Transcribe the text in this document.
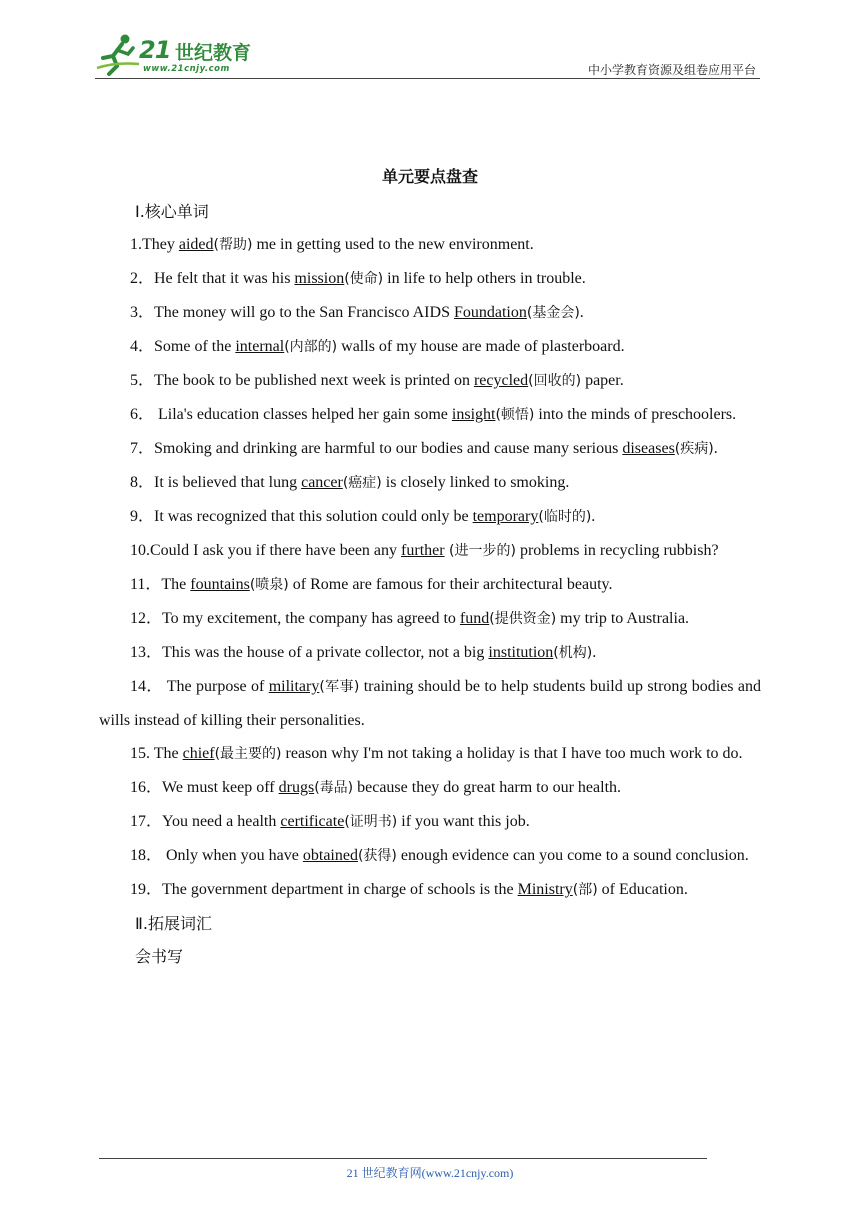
21 世纪教育
www.21cnjy.com	中小学教育资源及组卷应用平台

单元要点盘查

Ⅰ.核心单词

1.They aided(帮助) me in getting used to the new environment.

2．He felt that it was his mission(使命) in life to help others in trouble.

3．The money will go to the San Francisco AIDS Foundation(基金会).

4．Some of the internal(内部的) walls of my house are made of plasterboard.

5．The book to be published next week is printed on recycled(回收的) paper.

6． Lila's education classes helped her gain some insight(顿悟) into the minds of preschoolers.

7．Smoking and drinking are harmful to our bodies and cause many serious diseases(疾病).

8．It is believed that lung cancer(癌症) is closely linked to smoking.

9．It was recognized that this solution could only be temporary(临时的).

10.Could I ask you if there have been any further (进一步的) problems in recycling rubbish?

11．The fountains(喷泉) of Rome are famous for their architectural beauty.

12．To my excitement, the company has agreed to fund(提供资金) my trip to Australia.

13．This was the house of a private collector, not a big institution(机构).

14． The purpose of military(军事) training should be to help students build up strong bodies and wills instead of killing their personalities.

15. The chief(最主要的) reason why I'm not taking a holiday is that I have too much work to do.

16．We must keep off drugs(毒品) because they do great harm to our health.

17．You need a health certificate(证明书) if you want this job.

18． Only when you have obtained(获得) enough evidence can you come to a sound conclusion.

19．The government department in charge of schools is the Ministry(部) of Education.

Ⅱ.拓展词汇

会书写

21 世纪教育网(www.21cnjy.com)
